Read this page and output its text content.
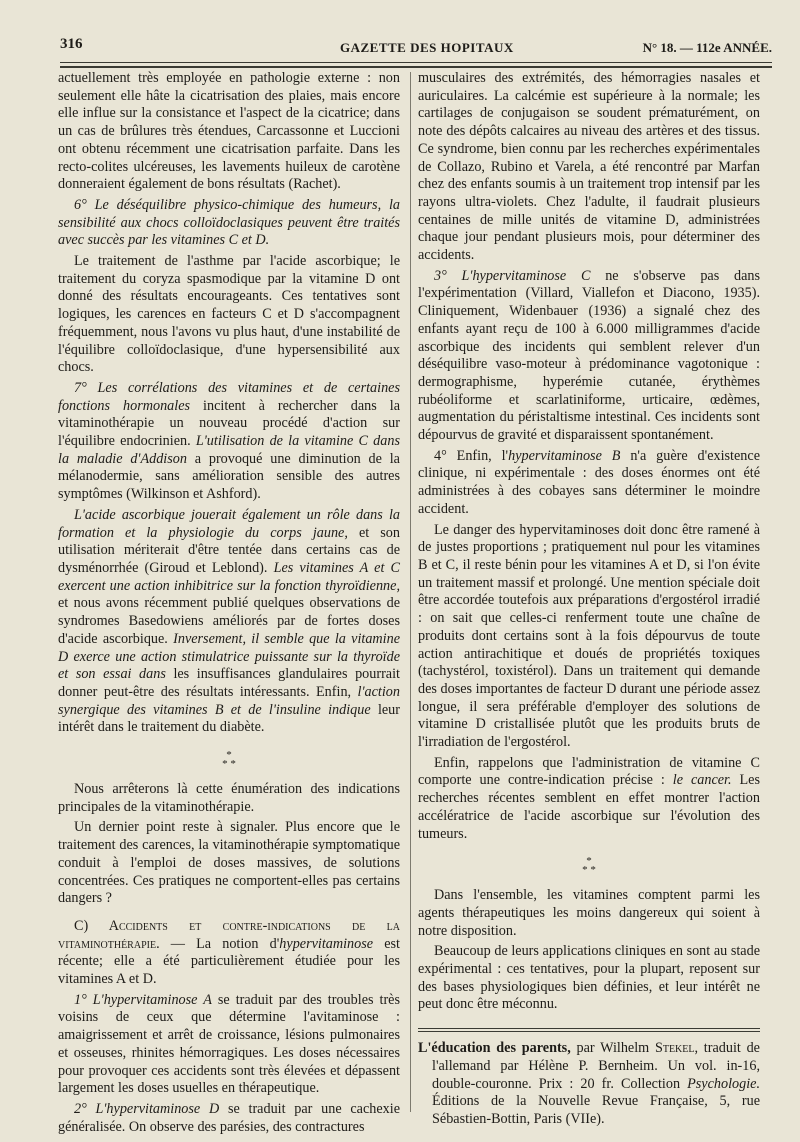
316	GAZETTE DES HOPITAUX	N° 18. — 112e ANNÉE.

actuellement très employée en pathologie externe : non seulement elle hâte la cicatrisation des plaies, mais encore elle influe sur la consistance et l'aspect de la cicatrice; dans un cas de brûlures très étendues, Carcassonne et Luccioni ont obtenu récemment une cicatrisation parfaite. Dans les recto-colites ulcéreuses, les lavements huileux de carotène donneraient également de bons résultats (Rachet).

6° Le déséquilibre physico-chimique des humeurs, la sensibilité aux chocs colloïdoclasiques peuvent être traités avec succès par les vitamines C et D.

Le traitement de l'asthme par l'acide ascorbique; le traitement du coryza spasmodique par la vitamine D ont donné des résultats encourageants. Ces tentatives sont logiques, les carences en facteurs C et D s'accompagnent fréquemment, nous l'avons vu plus haut, d'une instabilité de l'équilibre colloïdoclasique, d'une hypersensibilité aux chocs.

7° Les corrélations des vitamines et de certaines fonctions hormonales incitent à rechercher dans la vitaminothérapie un nouveau procédé d'action sur l'équilibre endocrinien. L'utilisation de la vitamine C dans la maladie d'Addison a provoqué une diminution de la mélanodermie, sans amélioration sensible des autres symptômes (Wilkinson et Ashford).

L'acide ascorbique jouerait également un rôle dans la formation et la physiologie du corps jaune, et son utilisation mériterait d'être tentée dans certains cas de dysménorrhée (Giroud et Leblond). Les vitamines A et C exercent une action inhibitrice sur la fonction thyroïdienne, et nous avons récemment publié quelques observations de syndromes Basedowiens améliorés par de fortes doses d'acide ascorbique. Inversement, il semble que la vitamine D exerce une action stimulatrice puissante sur la thyroïde et son essai dans les insuffisances glandulaires pourrait donner peut-être des résultats intéressants. Enfin, l'action synergique des vitamines B et de l'insuline indique leur intérêt dans le traitement du diabète.

*
* *

Nous arrêterons là cette énumération des indications principales de la vitaminothérapie.

Un dernier point reste à signaler. Plus encore que le traitement des carences, la vitaminothérapie symptomatique conduit à l'emploi de doses massives, de solutions concentrées. Ces pratiques ne comportent-elles pas certains dangers ?

C) Accidents et contre-indications de la vitaminothérapie. — La notion d'hypervitaminose est récente; elle a été particulièrement étudiée pour les vitamines A et D.

1° L'hypervitaminose A se traduit par des troubles très voisins de ceux que détermine l'avitaminose : amaigrissement et arrêt de croissance, lésions pulmonaires et osseuses, rhinites hémorragiques. Les doses nécessaires pour provoquer ces accidents sont très élevées et dépassent largement les doses usuelles en thérapeutique.

2° L'hypervitaminose D se traduit par une cachexie généralisée. On observe des parésies, des contractures

musculaires des extrémités, des hémorragies nasales et auriculaires. La calcémie est supérieure à la normale; les cartilages de conjugaison se soudent prématurément, on note des dépôts calcaires au niveau des artères et des tissus. Ce syndrome, bien connu par les recherches expérimentales de Collazo, Rubino et Varela, a été rencontré par Marfan chez des enfants soumis à un traitement trop intensif par les rayons ultra-violets. Chez l'adulte, il faudrait plusieurs centaines de mille unités de vitamine D, administrées chaque jour pendant plusieurs mois, pour déterminer des accidents.

3° L'hypervitaminose C ne s'observe pas dans l'expérimentation (Villard, Viallefon et Diacono, 1935). Cliniquement, Widenbauer (1936) a signalé chez des enfants ayant reçu de 100 à 6.000 milligrammes d'acide ascorbique des incidents qui semblent relever d'un déséquilibre vaso-moteur à prédominance vagotonique : dermographisme, hyperémie cutanée, érythèmes rubéoliforme et scarlatiniforme, urticaire, œdèmes, augmentation du péristaltisme intestinal. Ces incidents sont dépourvus de gravité et disparaissent spontanément.

4° Enfin, l'hypervitaminose B n'a guère d'existence clinique, ni expérimentale : des doses énormes ont été administrées à des cobayes sans déterminer le moindre accident.

Le danger des hypervitaminoses doit donc être ramené à de justes proportions ; pratiquement nul pour les vitamines B et C, il reste bénin pour les vitamines A et D, si l'on évite un traitement massif et prolongé. Une mention spéciale doit être accordée toutefois aux préparations d'ergostérol irradié : on sait que celles-ci renferment toute une chaîne de produits dont certains sont à la fois dépourvus de toute action antirachitique et doués de propriétés toxiques (tachystérol, toxistérol). Dans un traitement qui demande des doses importantes de facteur D durant une période assez longue, il sera préférable d'employer des solutions de vitamine D cristallisée plutôt que les produits bruts de l'irradiation de l'ergostérol.

Enfin, rappelons que l'administration de vitamine C comporte une contre-indication précise : le cancer. Les recherches récentes semblent en effet montrer l'action accélératrice de l'acide ascorbique sur l'évolution des tumeurs.

*
* *

Dans l'ensemble, les vitamines comptent parmi les agents thérapeutiques les moins dangereux qui soient à notre disposition.

Beaucoup de leurs applications cliniques en sont au stade expérimental : ces tentatives, pour la plupart, reposent sur des bases physiologiques bien définies, et leur intérêt ne peut donc être méconnu.

L'éducation des parents, par Wilhelm Stekel, traduit de l'allemand par Hélène P. Bernheim. Un vol. in-16, double-couronne. Prix : 20 fr. Collection Psychologie. Éditions de la Nouvelle Revue Française, 5, rue Sébastien-Bottin, Paris (VIIe).
